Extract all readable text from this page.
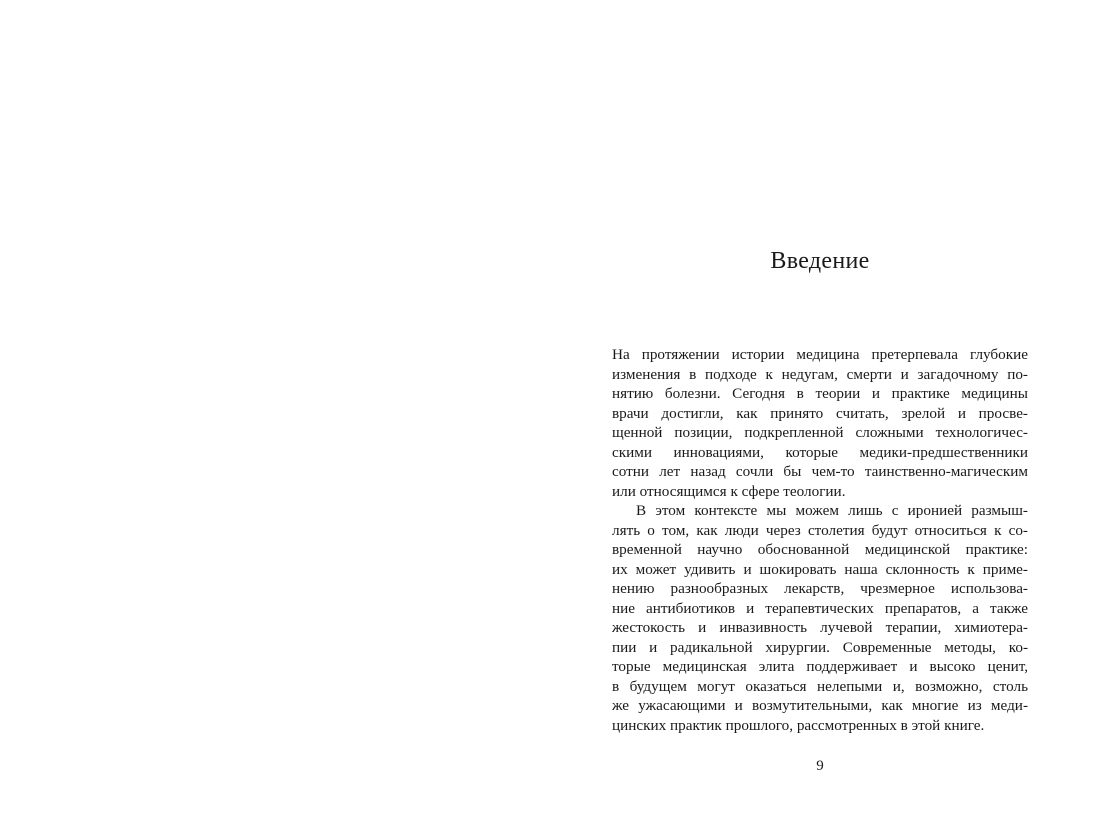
Введение
На протяжении истории медицина претерпевала глубокие
изменения в подходе к недугам, смерти и загадочному по-
нятию болезни. Сегодня в теории и практике медицины
врачи достигли, как принято считать, зрелой и просве-
щенной позиции, подкрепленной сложными технологичес-
скими инновациями, которые медики-предшественники
сотни лет назад сочли бы чем-то таинственно-магическим
или относящимся к сфере теологии.
В этом контексте мы можем лишь с иронией размыш-
лять о том, как люди через столетия будут относиться к со-
временной научно обоснованной медицинской практике:
их может удивить и шокировать наша склонность к приме-
нению разнообразных лекарств, чрезмерное использова-
ние антибиотиков и терапевтических препаратов, а также
жестокость и инвазивность лучевой терапии, химиотера-
пии и радикальной хирургии. Современные методы, ко-
торые медицинская элита поддерживает и высоко ценит,
в будущем могут оказаться нелепыми и, возможно, столь
же ужасающими и возмутительными, как многие из меди-
цинских практик прошлого, рассмотренных в этой книге.
9
